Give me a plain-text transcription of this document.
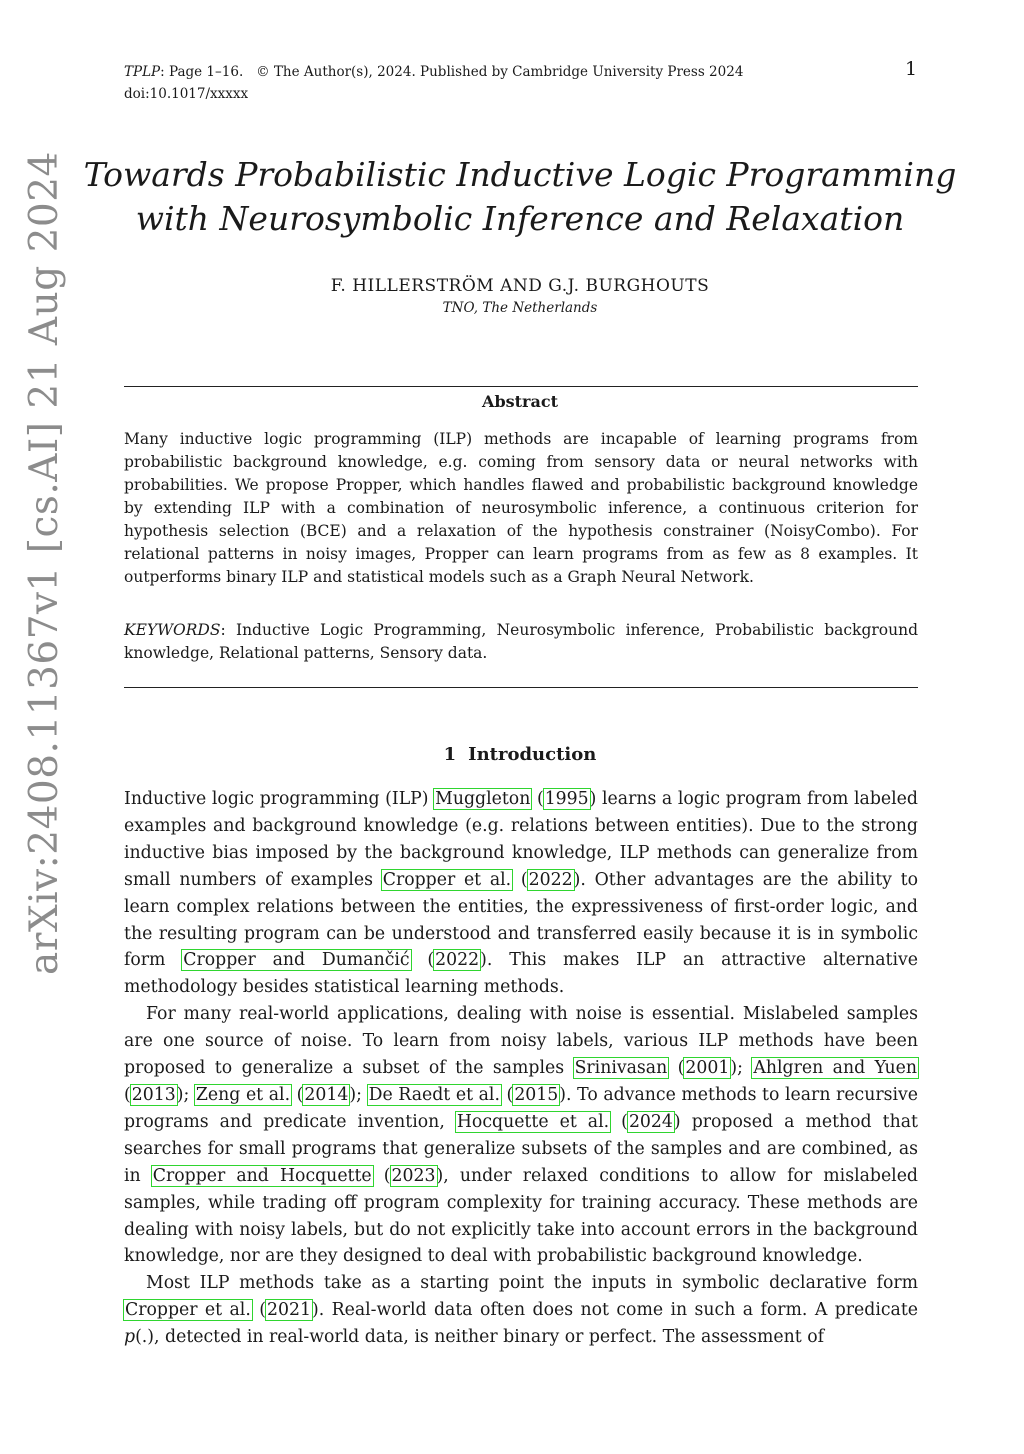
TPLP: Page 1–16. © The Author(s), 2024. Published by Cambridge University Press 2024
doi:10.1017/xxxxx
1
arXiv:2408.11367v1 [cs.AI] 21 Aug 2024 Towards Probabilistic Inductive Logic Programming
with Neurosymbolic Inference and Relaxation
F. HILLERSTRÖM AND G.J. BURGHOUTS
TNO, The Netherlands
Abstract
Many inductive logic programming (ILP) methods are incapable of learning programs from probabilistic background knowledge, e.g. coming from sensory data or neural networks with probabilities. We propose Propper, which handles flawed and probabilistic background knowledge by extending ILP with a combination of neurosymbolic inference, a continuous criterion for hypothesis selection (BCE) and a relaxation of the hypothesis constrainer (NoisyCombo). For relational patterns in noisy images, Propper can learn programs from as few as 8 examples. It outperforms binary ILP and statistical models such as a Graph Neural Network.
KEYWORDS: Inductive Logic Programming, Neurosymbolic inference, Probabilistic background knowledge, Relational patterns, Sensory data.
1 Introduction

Inductive logic programming (ILP) Muggleton (1995) learns a logic program from labeled examples and background knowledge (e.g. relations between entities). Due to the strong inductive bias imposed by the background knowledge, ILP methods can generalize from small numbers of examples Cropper et al. (2022). Other advantages are the ability to learn complex relations between the entities, the expressiveness of first-order logic, and the resulting program can be understood and transferred easily because it is in symbolic form Cropper and Dumančić (2022). This makes ILP an attractive alternative methodology besides statistical learning methods.

For many real-world applications, dealing with noise is essential. Mislabeled samples are one source of noise. To learn from noisy labels, various ILP methods have been proposed to generalize a subset of the samples Srinivasan (2001); Ahlgren and Yuen (2013); Zeng et al. (2014); De Raedt et al. (2015). To advance methods to learn recursive programs and predicate invention, Hocquette et al. (2024) proposed a method that searches for small programs that generalize subsets of the samples and are combined, as in Cropper and Hocquette (2023), under relaxed conditions to allow for mislabeled samples, while trading off program complexity for training accuracy. These methods are dealing with noisy labels, but do not explicitly take into account errors in the background knowledge, nor are they designed to deal with probabilistic background knowledge.

Most ILP methods take as a starting point the inputs in symbolic declarative form Cropper et al. (2021). Real-world data often does not come in such a form. A predicate p(.), detected in real-world data, is neither binary or perfect. The assessment of
